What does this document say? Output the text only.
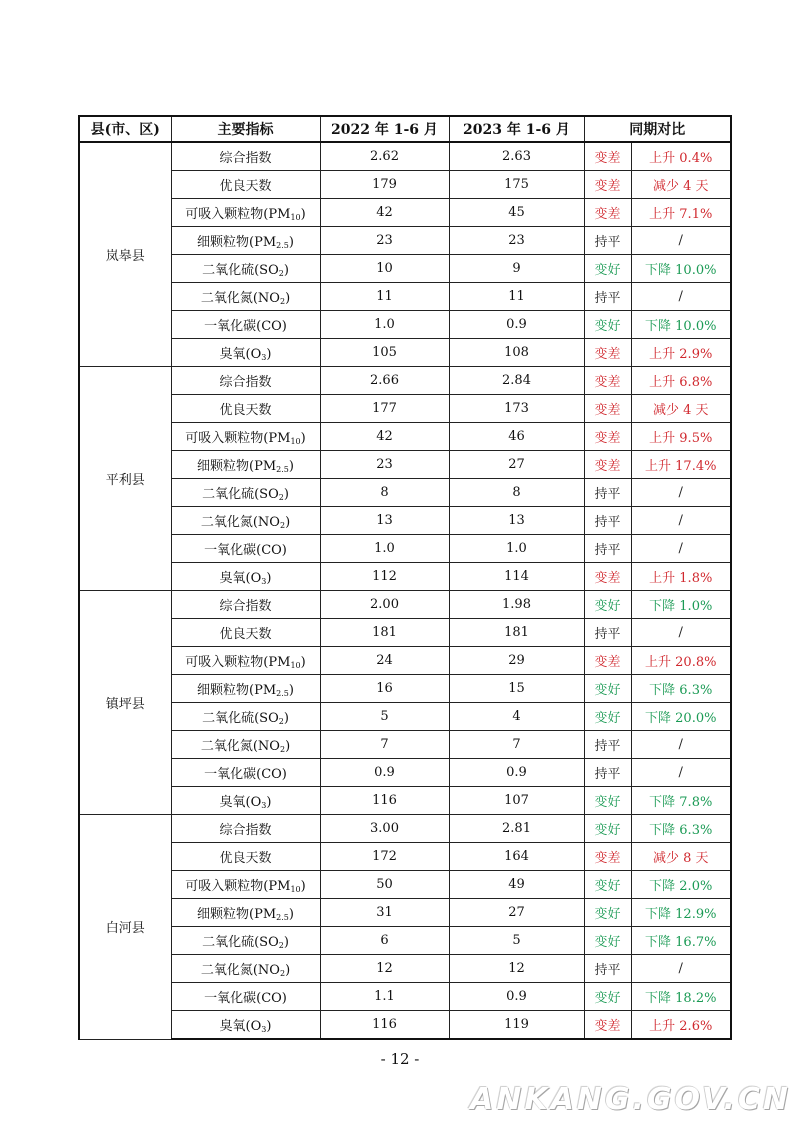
县(市、区)	主要指标	2022 年 1-6 月	2023 年 1-6 月	同期对比	
岚皋县	综合指数	2.62	2.63	变差	上升 0.4%
	优良天数	179	175	变差	减少 4 天
	可吸入颗粒物$(PM_{10})$	42	45	变差	上升 7.1%
	细颗粒物$(PM_{2.5})$	23	23	持平	/
	二氧化硫$(SO_2)$	10	9	变好	下降 10.0%
	二氧化氮$(NO_2)$	11	11	持平	/
	一氧化碳(CO)	1.0	0.9	变好	下降 10.0%
	臭氧$(O_3)$	105	108	变差	上升 2.9%
平利县	综合指数	2.66	2.84	变差	上升 6.8%
	优良天数	177	173	变差	减少 4 天
	可吸入颗粒物$(PM_{10})$	42	46	变差	上升 9.5%
	细颗粒物$(PM_{2.5})$	23	27	变差	上升 17.4%
	二氧化硫$(SO_2)$	8	8	持平	/
	二氧化氮$(NO_2)$	13	13	持平	/
	一氧化碳(CO)	1.0	1.0	持平	/
	臭氧$(O_3)$	112	114	变差	上升 1.8%
镇坪县	综合指数	2.00	1.98	变好	下降 1.0%
	优良天数	181	181	持平	/
	可吸入颗粒物$(PM_{10})$	24	29	变差	上升 20.8%
	细颗粒物$(PM_{2.5})$	16	15	变好	下降 6.3%
	二氧化硫$(SO_2)$	5	4	变好	下降 20.0%
	二氧化氮$(NO_2)$	7	7	持平	/
	一氧化碳(CO)	0.9	0.9	持平	/
	臭氧$(O_3)$	116	107	变好	下降 7.8%
白河县	综合指数	3.00	2.81	变好	下降 6.3%
	优良天数	172	164	变差	减少 8 天
	可吸入颗粒物$(PM_{10})$	50	49	变好	下降 2.0%
	细颗粒物$(PM_{2.5})$	31	27	变好	下降 12.9%
	二氧化硫$(SO_2)$	6	5	变好	下降 16.7%
	二氧化氮$(NO_2)$	12	12	持平	/
	一氧化碳(CO)	1.1	0.9	变好	下降 18.2%
	臭氧$(O_3)$	116	119	变差	上升 2.6%
- 12 -
ANKANG.GOV.CN
